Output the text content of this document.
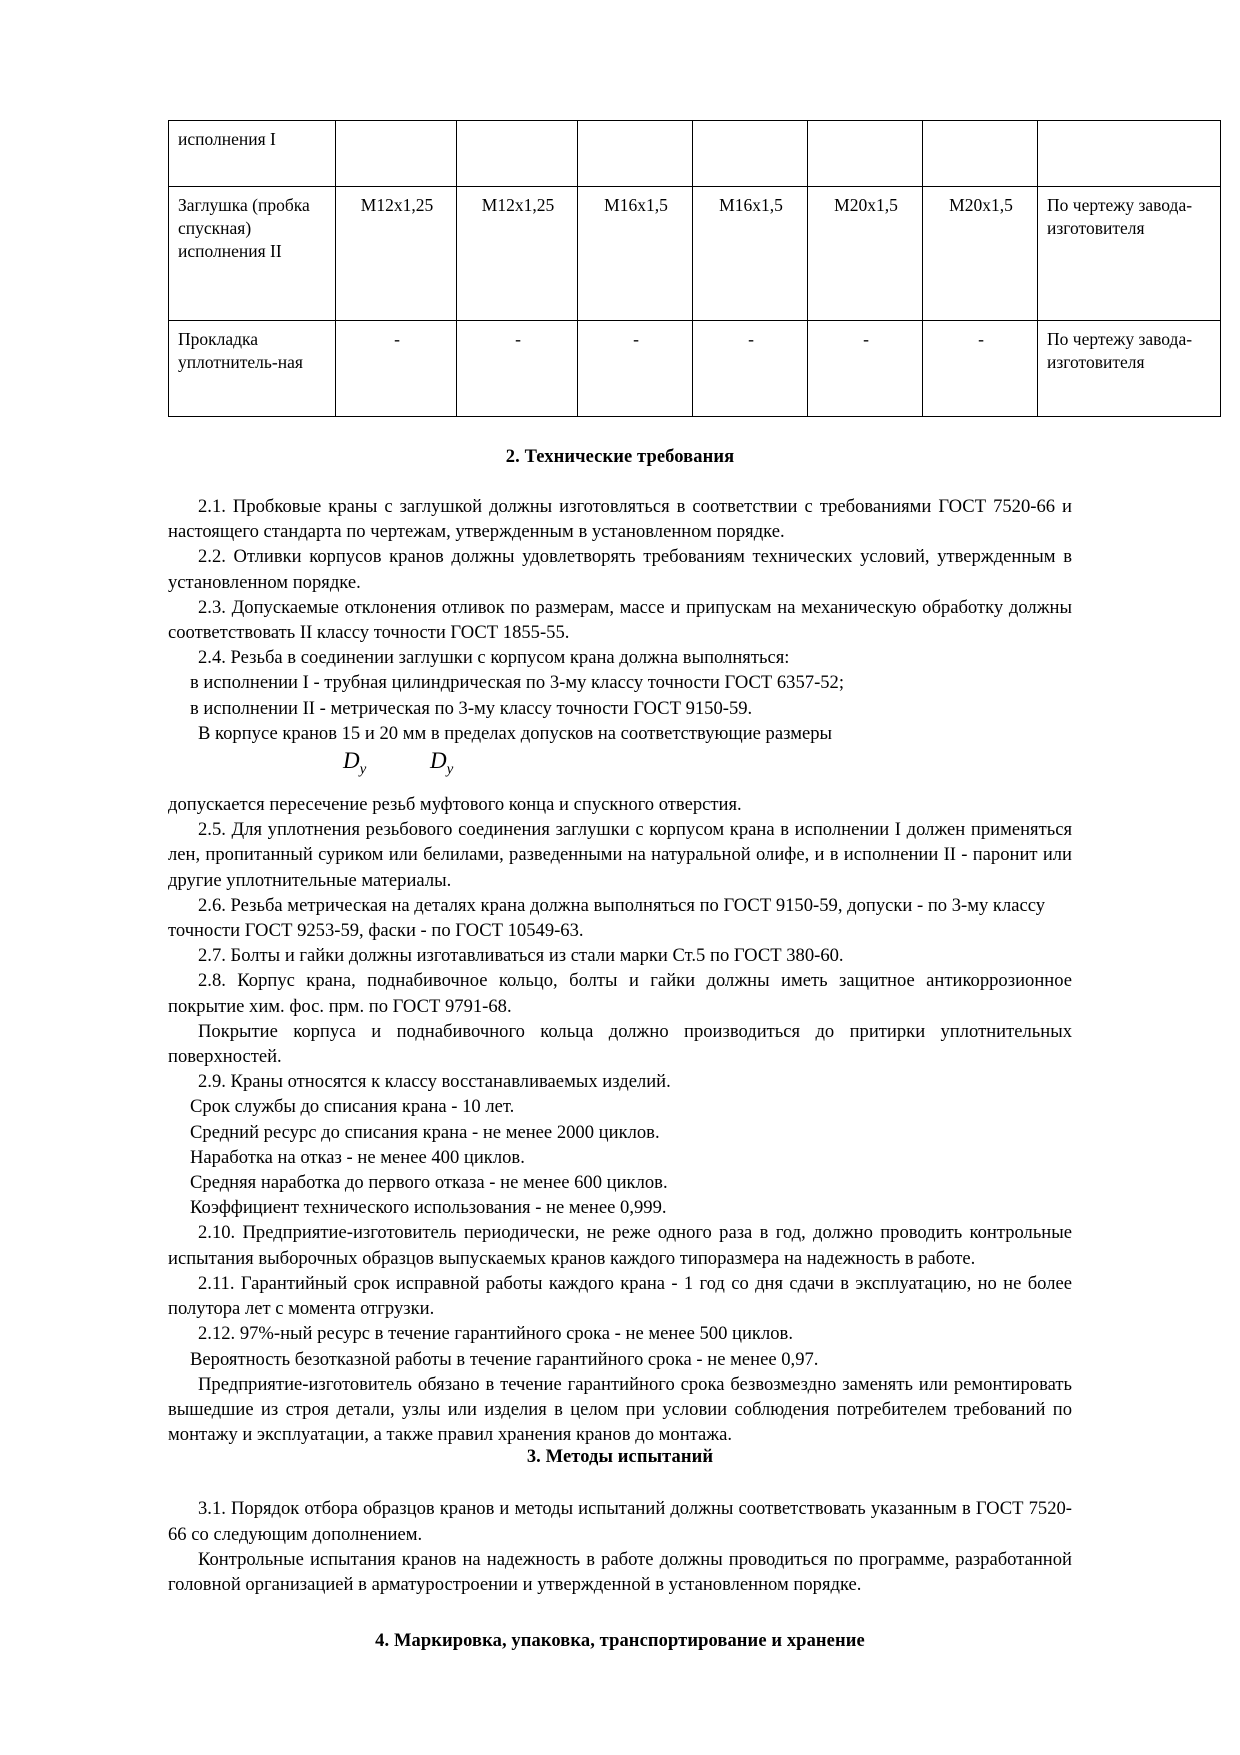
исполнения I							
Заглушка (пробка спускная) исполнения II	М12х1,25	М12х1,25	М16х1,5	М16х1,5	М20х1,5	М20х1,5	По чертежу завода-изготовителя
Прокладка уплотнитель-ная	-	-	-	-	-	-	По чертежу завода-изготовителя
2. Технические требования

2.1. Пробковые краны с заглушкой должны изготовляться в соответствии с требованиями ГОСТ 7520-66 и настоящего стандарта по чертежам, утвержденным в установленном порядке.

2.2. Отливки корпусов кранов должны удовлетворять требованиям технических условий, утвержденным в установленном порядке.

2.3. Допускаемые отклонения отливок по размерам, массе и припускам на механическую обработку должны соответствовать II классу точности ГОСТ 1855-55.

2.4. Резьба в соединении заглушки с корпусом крана должна выполняться:

в исполнении I - трубная цилиндрическая по 3-му классу точности ГОСТ 6357-52;

в исполнении II - метрическая по 3-му классу точности ГОСТ 9150-59.

В корпусе кранов 15 и 20 мм в пределах допусков на соответствующие размеры

$D_у$	$D_у$

допускается пересечение резьб муфтового конца и спускного отверстия.

2.5. Для уплотнения резьбового соединения заглушки с корпусом крана в исполнении I должен применяться лен, пропитанный суриком или белилами, разведенными на натуральной олифе, и в исполнении II - паронит или другие уплотнительные материалы.

2.6. Резьба метрическая на деталях крана должна выполняться по ГОСТ 9150-59, допуски - по 3-му классу точности ГОСТ 9253-59, фаски - по ГОСТ 10549-63.

2.7. Болты и гайки должны изготавливаться из стали марки Ст.5 по ГОСТ 380-60.

2.8. Корпус крана, поднабивочное кольцо, болты и гайки должны иметь защитное антикоррозионное покрытие хим. фос. прм. по ГОСТ 9791-68.

Покрытие корпуса и поднабивочного кольца должно производиться до притирки уплотнительных поверхностей.

2.9. Краны относятся к классу восстанавливаемых изделий.

Срок службы до списания крана - 10 лет.

Средний ресурс до списания крана - не менее 2000 циклов.

Наработка на отказ - не менее 400 циклов.

Средняя наработка до первого отказа - не менее 600 циклов.

Коэффициент технического использования - не менее 0,999.

2.10. Предприятие-изготовитель периодически, не реже одного раза в год, должно проводить контрольные испытания выборочных образцов выпускаемых кранов каждого типоразмера на надежность в работе.

2.11. Гарантийный срок исправной работы каждого крана - 1 год со дня сдачи в эксплуатацию, но не более полутора лет с момента отгрузки.

2.12. 97%-ный ресурс в течение гарантийного срока - не менее 500 циклов.

Вероятность безотказной работы в течение гарантийного срока - не менее 0,97.

Предприятие-изготовитель обязано в течение гарантийного срока безвозмездно заменять или ремонтировать вышедшие из строя детали, узлы или изделия в целом при условии соблюдения потребителем требований по монтажу и эксплуатации, а также правил хранения кранов до монтажа.

3. Методы испытаний

3.1. Порядок отбора образцов кранов и методы испытаний должны соответствовать указанным в ГОСТ 7520-66 со следующим дополнением.

Контрольные испытания кранов на надежность в работе должны проводиться по программе, разработанной головной организацией в арматуростроении и утвержденной в установленном порядке.

4. Маркировка, упаковка, транспортирование и хранение
